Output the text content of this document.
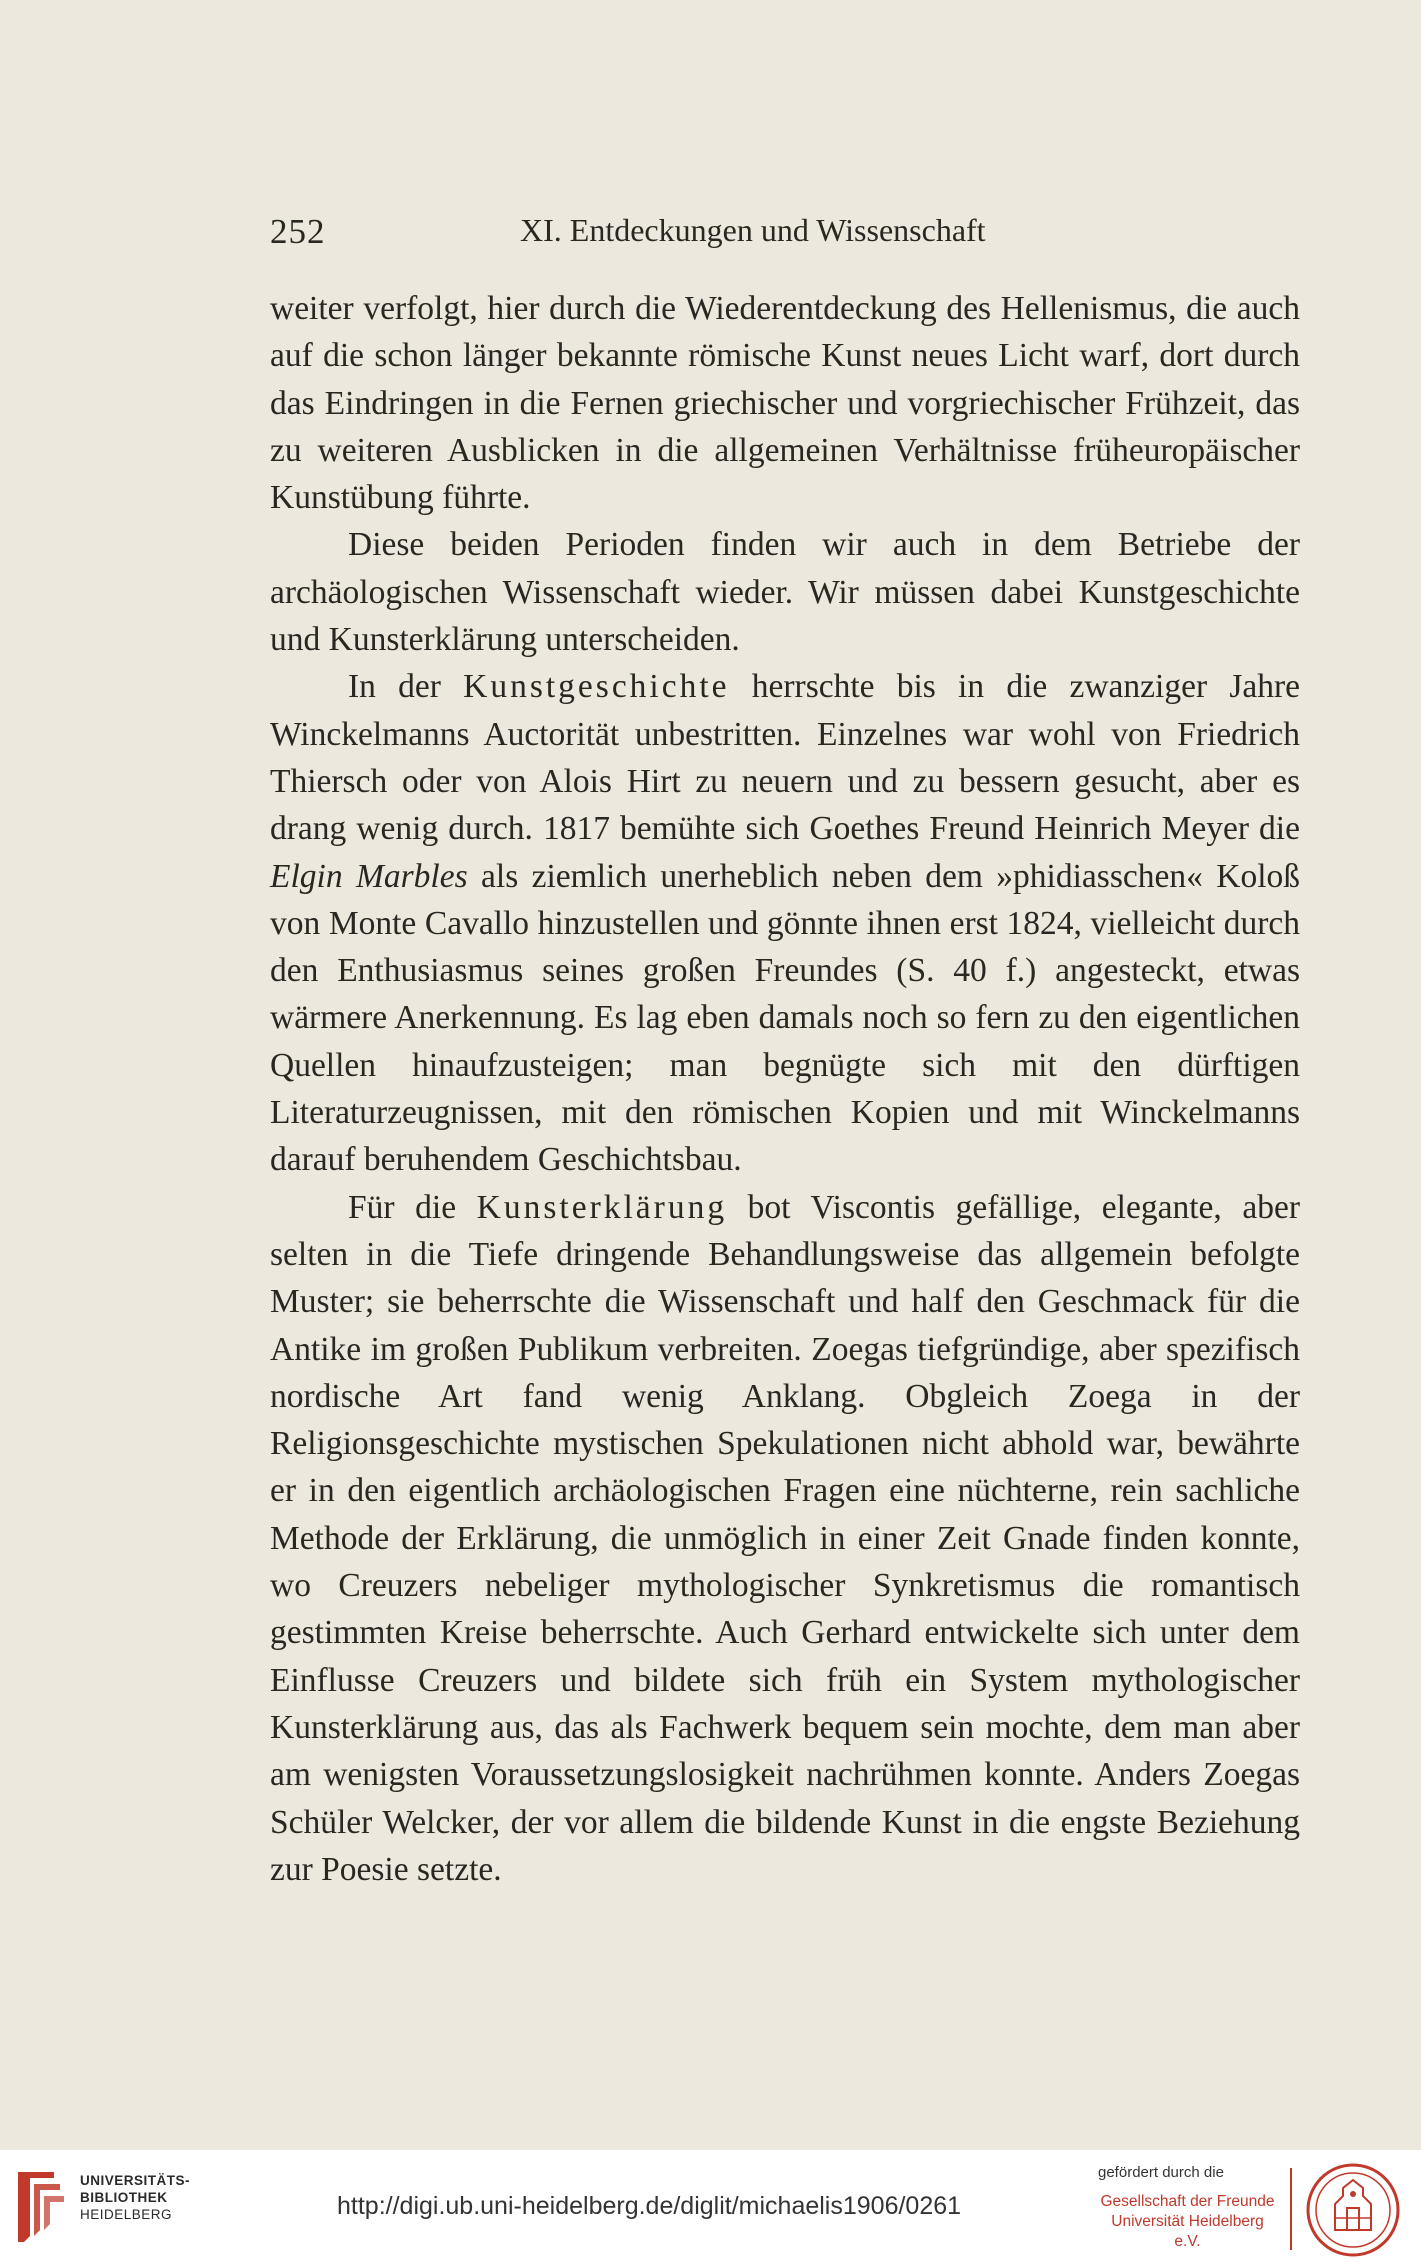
252	XI. Entdeckungen und Wissenschaft

weiter verfolgt, hier durch die Wiederentdeckung des Hellenismus, die auch auf die schon länger bekannte römische Kunst neues Licht warf, dort durch das Eindringen in die Fernen griechischer und vorgriechischer Frühzeit, das zu weiteren Ausblicken in die allgemeinen Verhältnisse frühеuropäischer Kunstübung führte.

Diese beiden Perioden finden wir auch in dem Betriebe der archäologischen Wissenschaft wieder. Wir müssen dabei Kunstgeschichte und Kunsterklärung unterscheiden.

In der Kunstgeschichte herrschte bis in die zwanziger Jahre Winckelmanns Auctorität unbestritten. Einzelnes war wohl von Friedrich Thiersch oder von Alois Hirt zu neuern und zu bessern gesucht, aber es drang wenig durch. 1817 bemühte sich Goethes Freund Heinrich Meyer die Elgin Marbles als ziemlich unerheblich neben dem »phidiasschen« Koloß von Monte Cavallo hinzustellen und gönnte ihnen erst 1824, vielleicht durch den Enthusiasmus seines großen Freundes (S. 40 f.) angesteckt, etwas wärmere Anerkennung. Es lag eben damals noch so fern zu den eigentlichen Quellen hinaufzusteigen; man begnügte sich mit den dürftigen Literaturzeugnissen, mit den römischen Kopien und mit Winckelmanns darauf beruhendem Geschichtsbau.

Für die Kunsterklärung bot Viscontis gefällige, elegante, aber selten in die Tiefe dringende Behandlungsweise das allgemein befolgte Muster; sie beherrschte die Wissenschaft und half den Geschmack für die Antike im großen Publikum verbreiten. Zoegas tiefgründige, aber spezifisch nordische Art fand wenig Anklang. Obgleich Zoega in der Religionsgeschichte mystischen Spekulationen nicht abhold war, bewährte er in den eigentlich archäologischen Fragen eine nüchterne, rein sachliche Methode der Erklärung, die unmöglich in einer Zeit Gnade finden konnte, wo Creuzers nebeliger mythologischer Synkretismus die romantisch gestimmten Kreise beherrschte. Auch Gerhard entwickelte sich unter dem Einflusse Creuzers und bildete sich früh ein System mythologischer Kunsterklärung aus, das als Fachwerk bequem sein mochte, dem man aber am wenigsten Voraussetzungslosigkeit nachrühmen konnte. Anders Zoegas Schüler Welcker, der vor allem die bildende Kunst in die engste Beziehung zur Poesie setzte.

UNIVERSITÄTS-
BIBLIOTHEK
HEIDELBERG	http://digi.ub.uni-heidelberg.de/diglit/michaelis1906/0261
gefördert durch die
Gesellschaft der Freunde
Universität Heidelberg e.V.
